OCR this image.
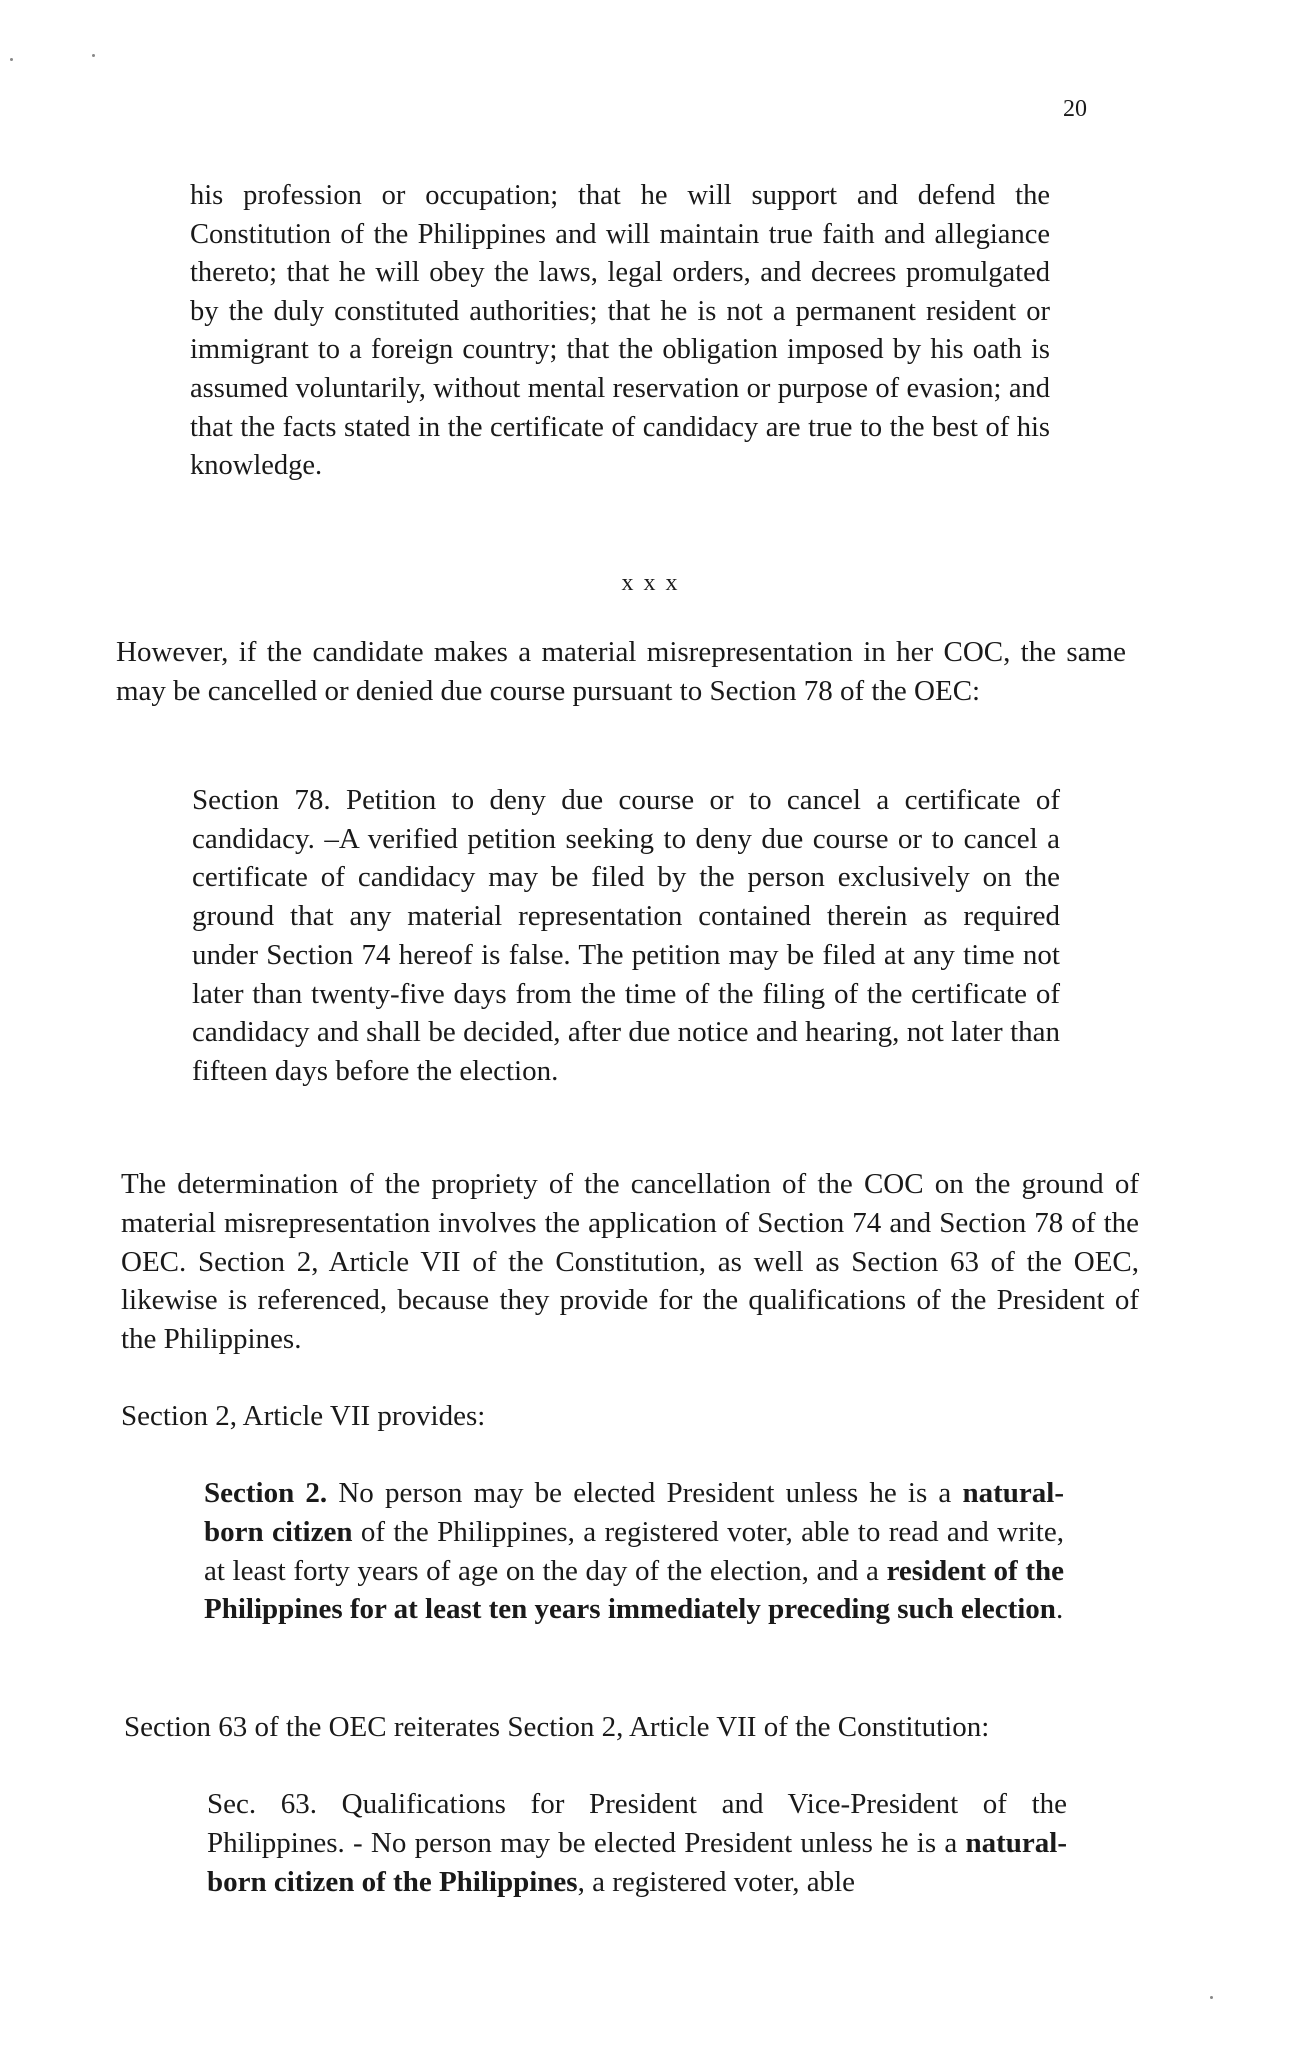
20

his profession or occupation; that he will support and defend the Constitution of the Philippines and will maintain true faith and allegiance thereto; that he will obey the laws, legal orders, and decrees promulgated by the duly constituted authorities; that he is not a permanent resident or immigrant to a foreign country; that the obligation imposed by his oath is assumed voluntarily, without mental reservation or purpose of evasion; and that the facts stated in the certificate of candidacy are true to the best of his knowledge.

x x x

However, if the candidate makes a material misrepresentation in her COC, the same may be cancelled or denied due course pursuant to Section 78 of the OEC:

Section 78. Petition to deny due course or to cancel a certificate of candidacy. –A verified petition seeking to deny due course or to cancel a certificate of candidacy may be filed by the person exclusively on the ground that any material representation contained therein as required under Section 74 hereof is false. The petition may be filed at any time not later than twenty-five days from the time of the filing of the certificate of candidacy and shall be decided, after due notice and hearing, not later than fifteen days before the election.

The determination of the propriety of the cancellation of the COC on the ground of material misrepresentation involves the application of Section 74 and Section 78 of the OEC. Section 2, Article VII of the Constitution, as well as Section 63 of the OEC, likewise is referenced, because they provide for the qualifications of the President of the Philippines.

Section 2, Article VII provides:

Section 2. No person may be elected President unless he is a natural-born citizen of the Philippines, a registered voter, able to read and write, at least forty years of age on the day of the election, and a resident of the Philippines for at least ten years immediately preceding such election.

Section 63 of the OEC reiterates Section 2, Article VII of the Constitution:

Sec. 63. Qualifications for President and Vice-President of the Philippines. - No person may be elected President unless he is a natural-born citizen of the Philippines, a registered voter, able
